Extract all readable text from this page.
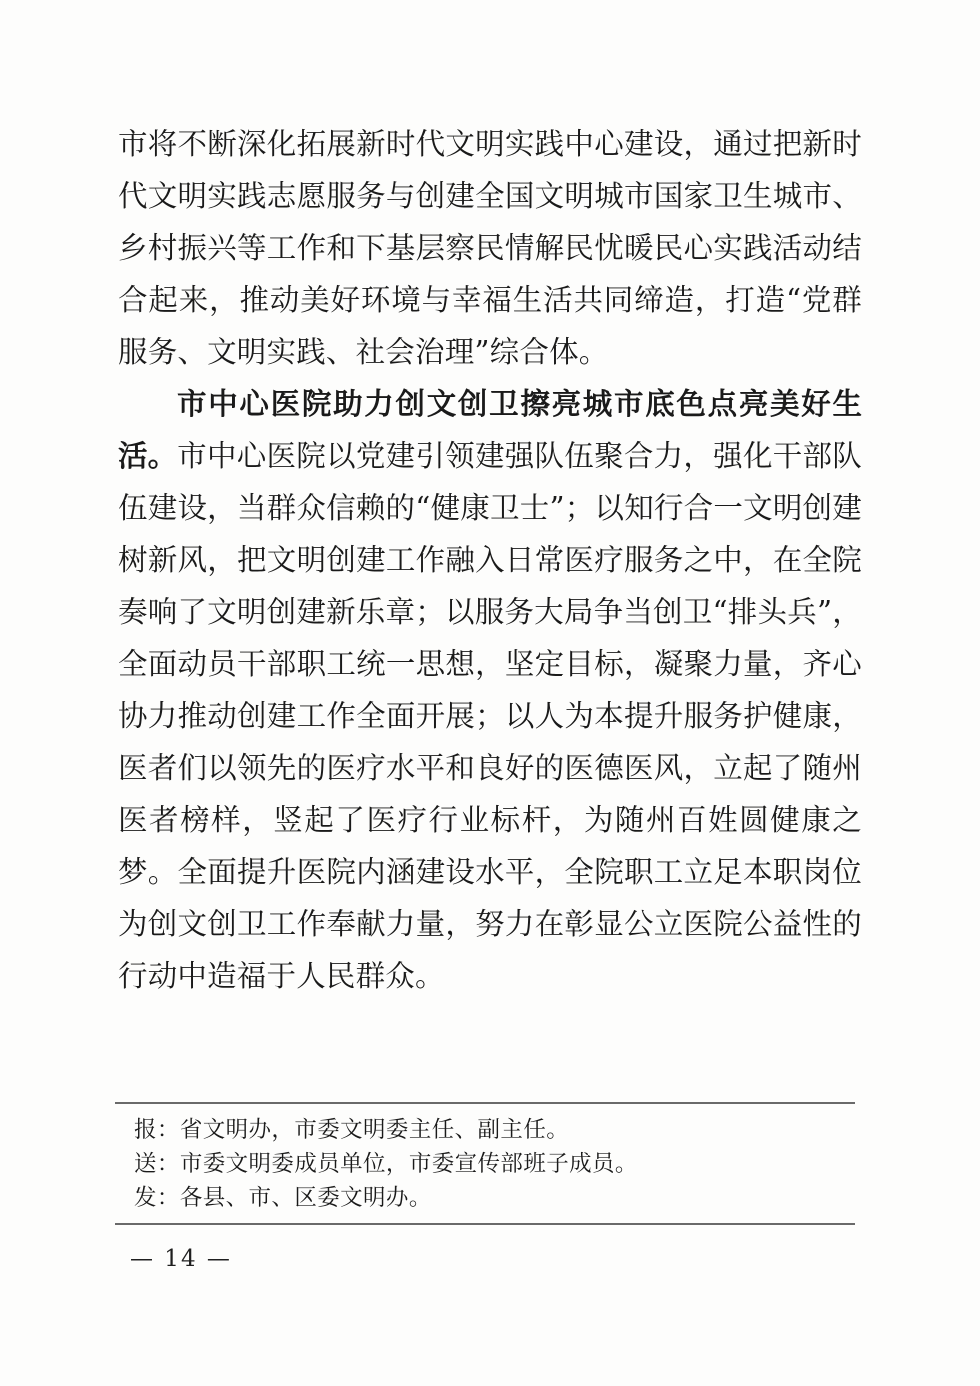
市将不断深化拓展新时代文明实践中心建设，通过把新时代文明实践志愿服务与创建全国文明城市国家卫生城市、乡村振兴等工作和下基层察民情解民忧暖民心实践活动结合起来，推动美好环境与幸福生活共同缔造，打造“党群服务、文明实践、社会治理”综合体。

市中心医院助力创文创卫擦亮城市底色点亮美好生活。市中心医院以党建引领建强队伍聚合力，强化干部队伍建设，当群众信赖的“健康卫士”；以知行合一文明创建树新风，把文明创建工作融入日常医疗服务之中，在全院奏响了文明创建新乐章；以服务大局争当创卫“排头兵”，全面动员干部职工统一思想，坚定目标，凝聚力量，齐心协力推动创建工作全面开展；以人为本提升服务护健康，医者们以领先的医疗水平和良好的医德医风，立起了随州医者榜样，竖起了医疗行业标杆，为随州百姓圆健康之梦。全面提升医院内涵建设水平，全院职工立足本职岗位为创文创卫工作奉献力量，努力在彰显公立医院公益性的行动中造福于人民群众。

报：省文明办，市委文明委主任、副主任。
送：市委文明委成员单位，市委宣传部班子成员。
发：各县、市、区委文明办。
— 14 —
